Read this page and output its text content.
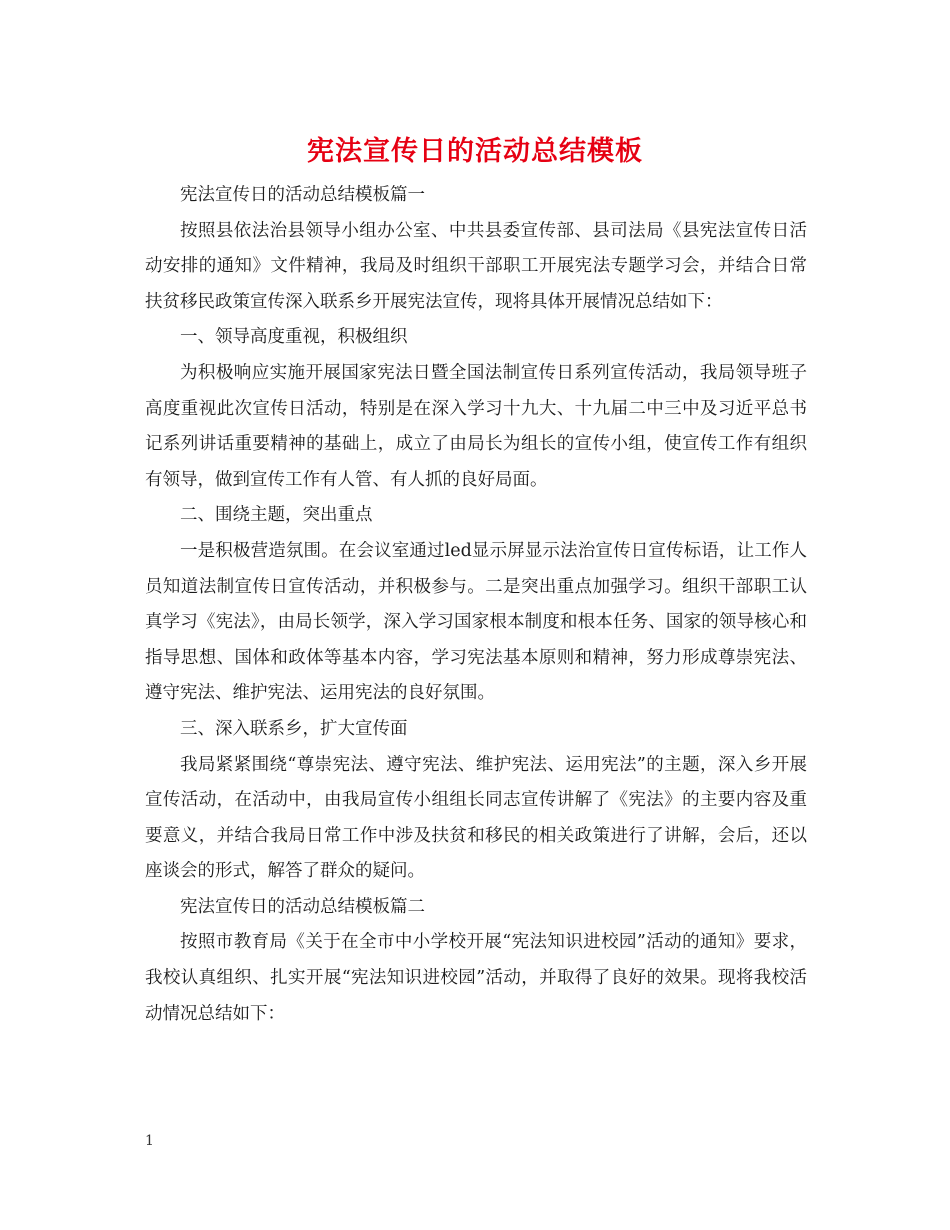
宪法宣传日的活动总结模板

宪法宣传日的活动总结模板篇一

按照县依法治县领导小组办公室、中共县委宣传部、县司法局《县宪法宣传日活动安排的通知》文件精神，我局及时组织干部职工开展宪法专题学习会，并结合日常扶贫移民政策宣传深入联系乡开展宪法宣传，现将具体开展情况总结如下：

一、领导高度重视，积极组织

为积极响应实施开展国家宪法日暨全国法制宣传日系列宣传活动，我局领导班子高度重视此次宣传日活动，特别是在深入学习十九大、十九届二中三中及习近平总书记系列讲话重要精神的基础上，成立了由局长为组长的宣传小组，使宣传工作有组织有领导，做到宣传工作有人管、有人抓的良好局面。

二、围绕主题，突出重点

一是积极营造氛围。在会议室通过led显示屏显示法治宣传日宣传标语，让工作人员知道法制宣传日宣传活动，并积极参与。二是突出重点加强学习。组织干部职工认真学习《宪法》，由局长领学，深入学习国家根本制度和根本任务、国家的领导核心和指导思想、国体和政体等基本内容，学习宪法基本原则和精神，努力形成尊崇宪法、遵守宪法、维护宪法、运用宪法的良好氛围。

三、深入联系乡，扩大宣传面

我局紧紧围绕“尊崇宪法、遵守宪法、维护宪法、运用宪法”的主题，深入乡开展宣传活动，在活动中，由我局宣传小组组长同志宣传讲解了《宪法》的主要内容及重要意义，并结合我局日常工作中涉及扶贫和移民的相关政策进行了讲解，会后，还以座谈会的形式，解答了群众的疑问。

宪法宣传日的活动总结模板篇二

按照市教育局《关于在全市中小学校开展“宪法知识进校园”活动的通知》要求，我校认真组织、扎实开展“宪法知识进校园”活动，并取得了良好的效果。现将我校活动情况总结如下：

1
